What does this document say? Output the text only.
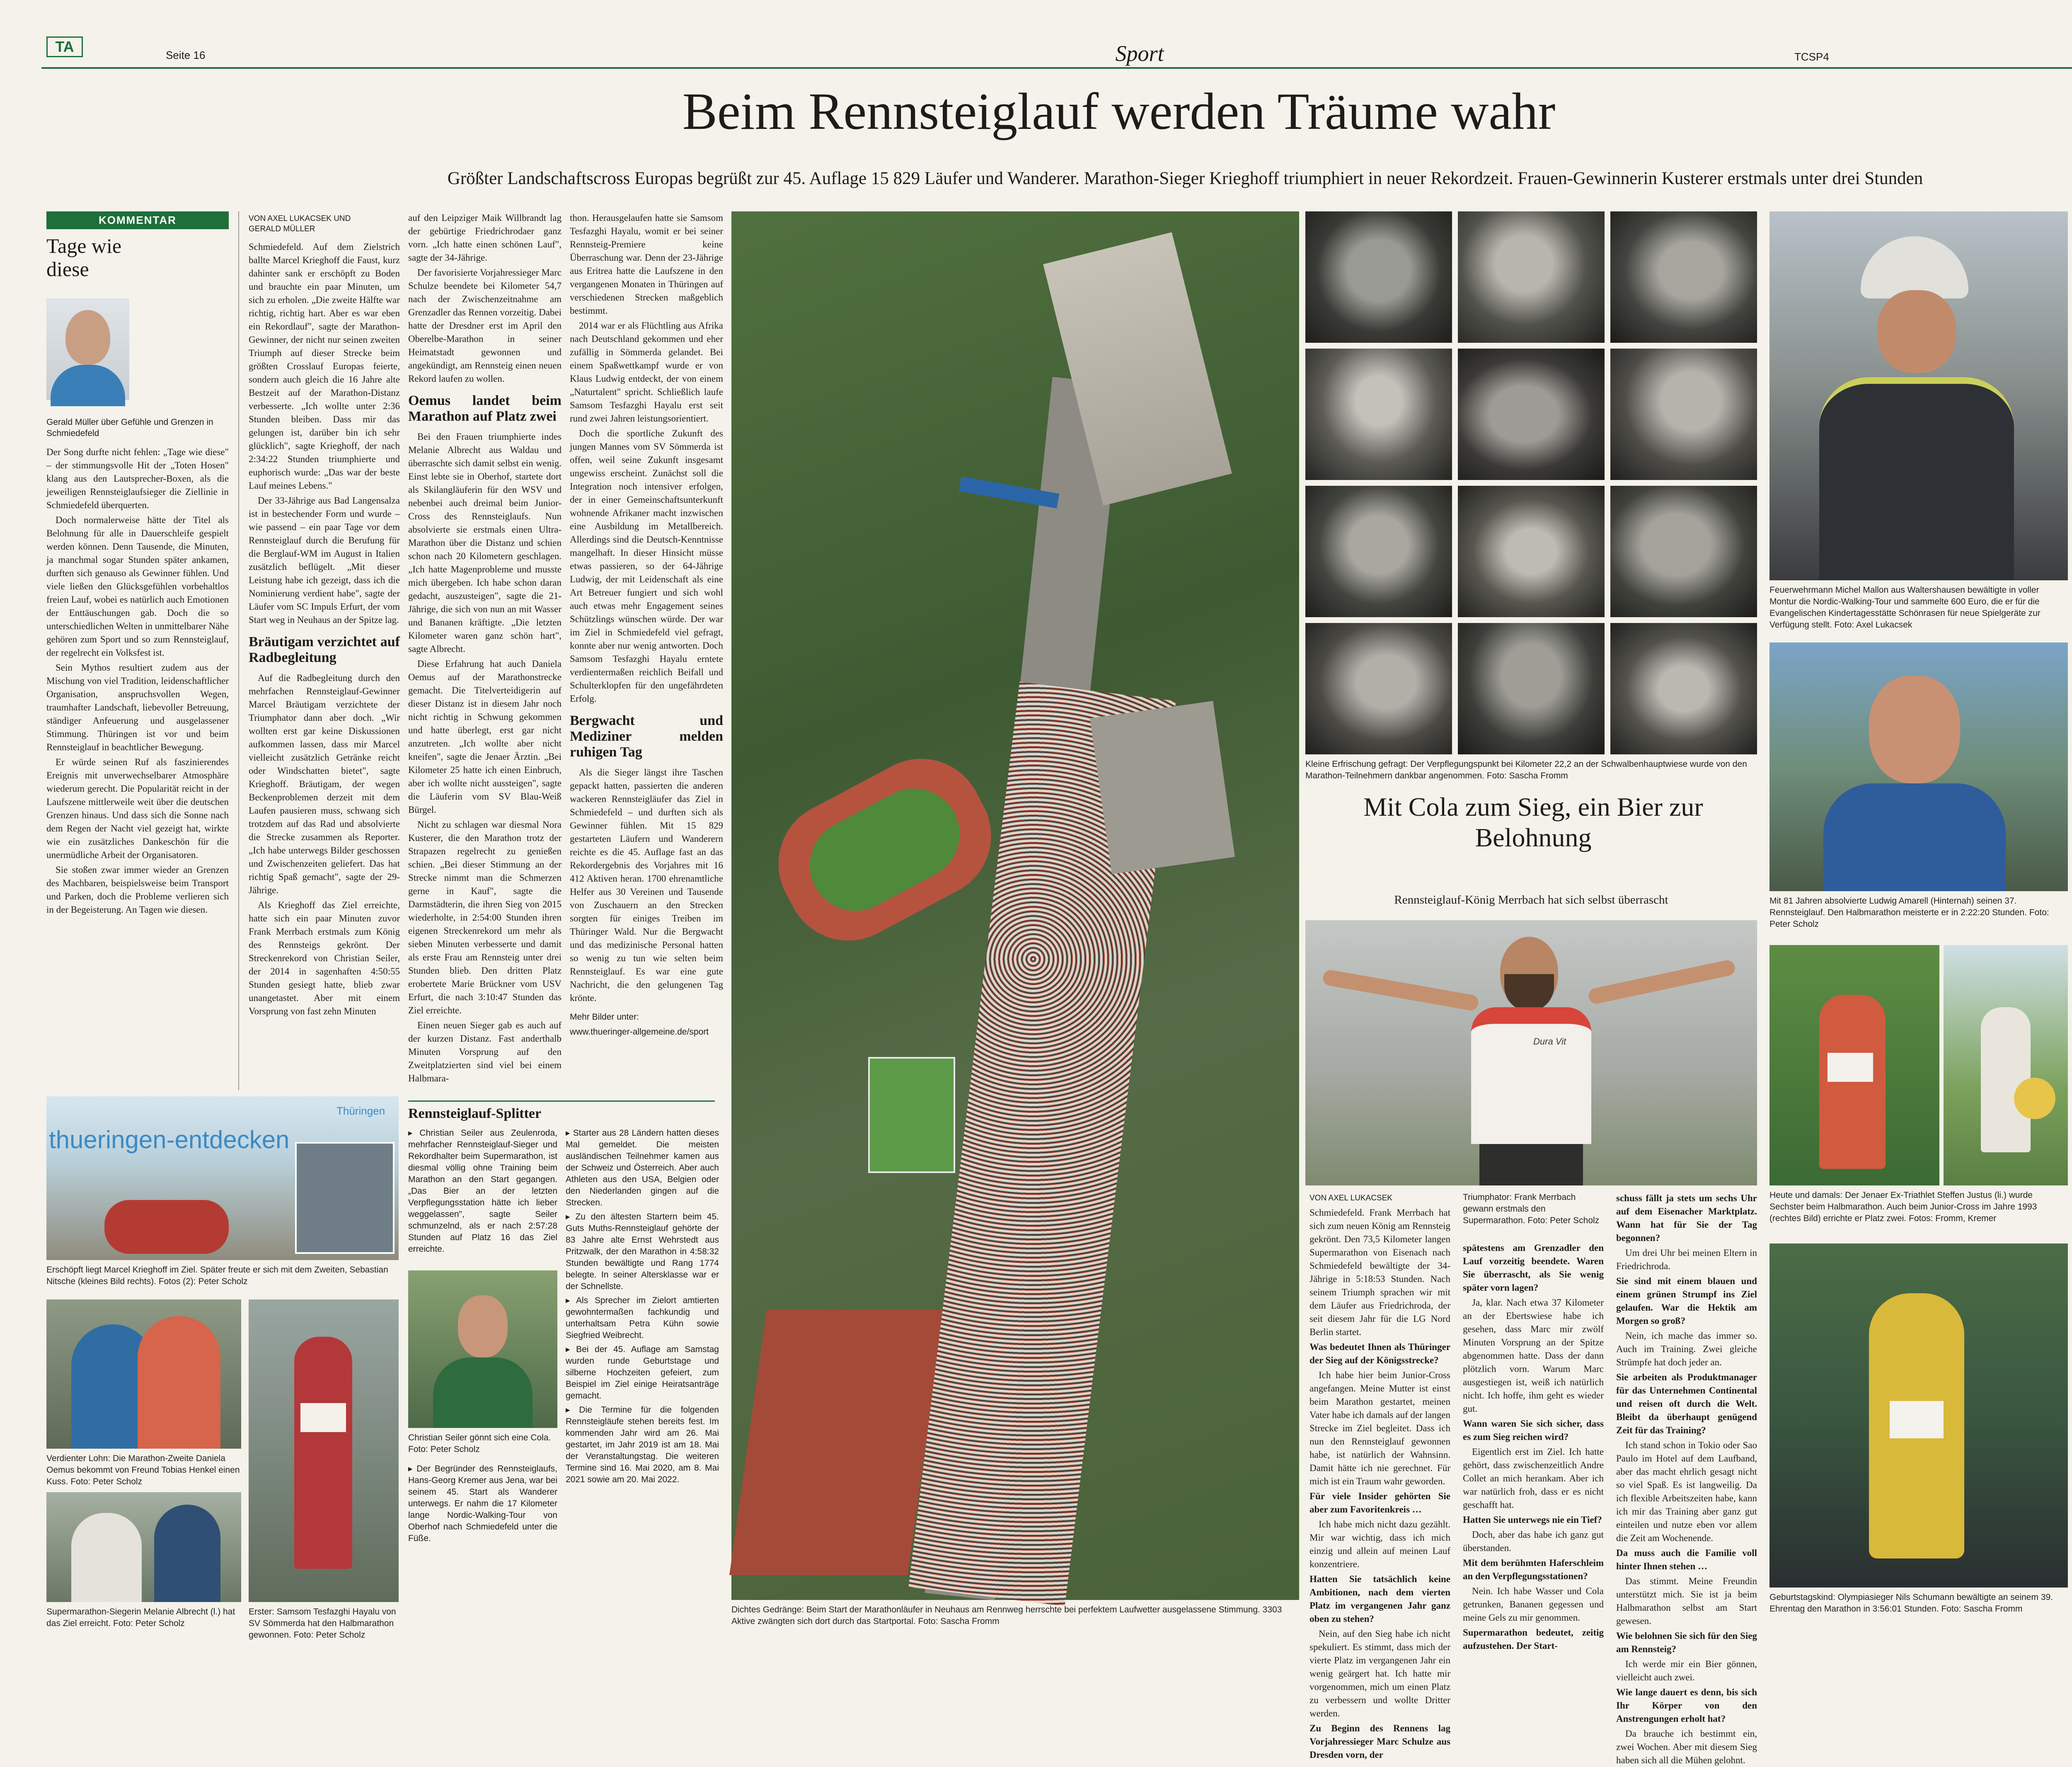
TA	Seite 16	Sport	TCSP4
Beim Rennsteiglauf werden Träume wahr
Größter Landschaftscross Europas begrüßt zur 45. Auflage 15 829 Läufer und Wanderer. Marathon-Sieger Krieghoff triumphiert in neuer Rekordzeit. Frauen-Gewinnerin Kusterer erstmals unter drei Stunden
KOMMENTAR
Tage wie diese
Gerald Müller über Gefühle und Grenzen in Schmiedefeld

Der Song durfte nicht fehlen: „Tage wie diese" – der stimmungsvolle Hit der „Toten Hosen" klang aus den Lautsprecher-Boxen, als die jeweiligen Rennsteiglaufsieger die Ziellinie in Schmiedefeld überquerten.

Doch normalerweise hätte der Titel als Belohnung für alle in Dauerschleife gespielt werden können. Denn Tausende, die Minuten, ja manchmal sogar Stunden später ankamen, durften sich genauso als Gewinner fühlen. Und viele ließen den Glücksgefühlen vorbehaltlos freien Lauf, wobei es natürlich auch Emotionen der Enttäuschungen gab. Doch die so unterschiedlichen Welten in unmittelbarer Nähe gehören zum Sport und so zum Rennsteiglauf, der regelrecht ein Volksfest ist.

Sein Mythos resultiert zudem aus der Mischung von viel Tradition, leidenschaftlicher Organisation, anspruchsvollen Wegen, traumhafter Landschaft, liebevoller Betreuung, ständiger Anfeuerung und ausgelassener Stimmung. Thüringen ist vor und beim Rennsteiglauf in beachtlicher Bewegung.

Er würde seinen Ruf als faszinierendes Ereignis mit unverwechselbarer Atmosphäre wiederum gerecht. Die Popularität reicht in der Laufszene mittlerweile weit über die deutschen Grenzen hinaus. Und dass sich die Sonne nach dem Regen der Nacht viel gezeigt hat, wirkte wie ein zusätzliches Dankeschön für die unermüdliche Arbeit der Organisatoren.

Sie stoßen zwar immer wieder an Grenzen des Machbaren, beispielsweise beim Transport und Parken, doch die Probleme verlieren sich in der Begeisterung. An Tagen wie diesen.

VON AXEL LUKACSEK UND GERALD MÜLLER

Schmiedefeld. Auf dem Zielstrich ballte Marcel Krieghoff die Faust, kurz dahinter sank er erschöpft zu Boden und brauchte ein paar Minuten, um sich zu erholen. „Die zweite Hälfte war richtig, richtig hart. Aber es war eben ein Rekordlauf", sagte der Marathon-Gewinner, der nicht nur seinen zweiten Triumph auf dieser Strecke beim größten Crosslauf Europas feierte, sondern auch gleich die 16 Jahre alte Bestzeit auf der Marathon-Distanz verbesserte. „Ich wollte unter 2:36 Stunden bleiben. Dass mir das gelungen ist, darüber bin ich sehr glücklich", sagte Krieghoff, der nach 2:34:22 Stunden triumphierte und euphorisch wurde: „Das war der beste Lauf meines Lebens."

Der 33-Jährige aus Bad Langensalza ist in bestechender Form und wurde – wie passend – ein paar Tage vor dem Rennsteiglauf durch die Berufung für die Berglauf-WM im August in Italien zusätzlich beflügelt. „Mit dieser Leistung habe ich gezeigt, dass ich die Nominierung verdient habe", sagte der Läufer vom SC Impuls Erfurt, der vom Start weg in Neuhaus an der Spitze lag.

Bräutigam verzichtet auf Radbegleitung

Auf die Radbegleitung durch den mehrfachen Rennsteiglauf-Gewinner Marcel Bräutigam verzichtete der Triumphator dann aber doch. „Wir wollten erst gar keine Diskussionen aufkommen lassen, dass mir Marcel vielleicht zusätzlich Getränke reicht oder Windschatten bietet", sagte Krieghoff. Bräutigam, der wegen Beckenproblemen derzeit mit dem Laufen pausieren muss, schwang sich trotzdem auf das Rad und absolvierte die Strecke zusammen als Reporter. „Ich habe unterwegs Bilder geschossen und Zwischenzeiten geliefert. Das hat richtig Spaß gemacht", sagte der 29-Jährige.

Als Krieghoff das Ziel erreichte, hatte sich ein paar Minuten zuvor Frank Merrbach erstmals zum König des Rennsteigs gekrönt. Der Streckenrekord von Christian Seiler, der 2014 in sagenhaften 4:50:55 Stunden gesiegt hatte, blieb zwar unangetastet. Aber mit einem Vorsprung von fast zehn Minuten

auf den Leipziger Maik Willbrandt lag der gebürtige Friedrichrodaer ganz vorn. „Ich hatte einen schönen Lauf", sagte der 34-Jährige.

Der favorisierte Vorjahressieger Marc Schulze beendete bei Kilometer 54,7 nach der Zwischenzeitnahme am Grenzadler das Rennen vorzeitig. Dabei hatte der Dresdner erst im April den Oberelbe-Marathon in seiner Heimatstadt gewonnen und angekündigt, am Rennsteig einen neuen Rekord laufen zu wollen.

Oemus landet beim Marathon auf Platz zwei

Bei den Frauen triumphierte indes Melanie Albrecht aus Waldau und überraschte sich damit selbst ein wenig. Einst lebte sie in Oberhof, startete dort als Skilangläuferin für den WSV und nebenbei auch dreimal beim Junior-Cross des Rennsteiglaufs. Nun absolvierte sie erstmals einen Ultra-Marathon über die Distanz und schien schon nach 20 Kilometern geschlagen. „Ich hatte Magenprobleme und musste mich übergeben. Ich habe schon daran gedacht, auszusteigen", sagte die 21-Jährige, die sich von nun an mit Wasser und Bananen kräftigte. „Die letzten Kilometer waren ganz schön hart", sagte Albrecht.

Diese Erfahrung hat auch Daniela Oemus auf der Marathonstrecke gemacht. Die Titelverteidigerin auf dieser Distanz ist in diesem Jahr noch nicht richtig in Schwung gekommen und hatte überlegt, erst gar nicht anzutreten. „Ich wollte aber nicht kneifen", sagte die Jenaer Ärztin. „Bei Kilometer 25 hatte ich einen Einbruch, aber ich wollte nicht aussteigen", sagte die Läuferin vom SV Blau-Weiß Bürgel.

Nicht zu schlagen war diesmal Nora Kusterer, die den Marathon trotz der Strapazen regelrecht zu genießen schien. „Bei dieser Stimmung an der Strecke nimmt man die Schmerzen gerne in Kauf", sagte die Darmstädterin, die ihren Sieg von 2015 wiederholte, in 2:54:00 Stunden ihren eigenen Streckenrekord um mehr als sieben Minuten verbesserte und damit als erste Frau am Rennsteig unter drei Stunden blieb. Den dritten Platz erobertete Marie Brückner vom USV Erfurt, die nach 3:10:47 Stunden das Ziel erreichte.

Einen neuen Sieger gab es auch auf der kurzen Distanz. Fast anderthalb Minuten Vorsprung auf den Zweitplatzierten sind viel bei einem Halbmara-

thon. Herausgelaufen hatte sie Samsom Tesfazghi Hayalu, womit er bei seiner Rennsteig-Premiere keine Überraschung war. Denn der 23-Jährige aus Eritrea hatte die Laufszene in den vergangenen Monaten in Thüringen auf verschiedenen Strecken maßgeblich bestimmt.

2014 war er als Flüchtling aus Afrika nach Deutschland gekommen und eher zufällig in Sömmerda gelandet. Bei einem Spaßwettkampf wurde er von Klaus Ludwig entdeckt, der von einem „Naturtalent" spricht. Schließlich laufe Samsom Tesfazghi Hayalu erst seit rund zwei Jahren leistungsorientiert.

Doch die sportliche Zukunft des jungen Mannes vom SV Sömmerda ist offen, weil seine Zukunft insgesamt ungewiss erscheint. Zunächst soll die Integration noch intensiver erfolgen, der in einer Gemeinschaftsunterkunft wohnende Afrikaner macht inzwischen eine Ausbildung im Metallbereich. Allerdings sind die Deutsch-Kenntnisse mangelhaft. In dieser Hinsicht müsse etwas passieren, so der 64-Jährige Ludwig, der mit Leidenschaft als eine Art Betreuer fungiert und sich wohl auch etwas mehr Engagement seines Schützlings wünschen würde. Der war im Ziel in Schmiedefeld viel gefragt, konnte aber nur wenig antworten. Doch Samsom Tesfazghi Hayalu erntete verdientermaßen reichlich Beifall und Schulterklopfen für den ungefährdeten Erfolg.

Bergwacht und Mediziner melden ruhigen Tag

Als die Sieger längst ihre Taschen gepackt hatten, passierten die anderen wackeren Rennsteigläufer das Ziel in Schmiedefeld – und durften sich als Gewinner fühlen. Mit 15 829 gestarteten Läufern und Wanderern reichte es die 45. Auflage fast an das Rekordergebnis des Vorjahres mit 16 412 Aktiven heran. 1700 ehrenamtliche Helfer aus 30 Vereinen und Tausende von Zuschauern an den Strecken sorgten für einiges Treiben im Thüringer Wald. Nur die Bergwacht und das medizinische Personal hatten so wenig zu tun wie selten beim Rennsteiglauf. Es war eine gute Nachricht, die den gelungenen Tag krönte.

Mehr Bilder unter:

www.thueringer-allgemeine.de/sport

Dichtes Gedränge: Beim Start der Marathonläufer in Neuhaus am Rennweg herrschte bei perfektem Laufwetter ausgelassene Stimmung. 3303 Aktive zwängten sich dort durch das Startportal. Foto: Sascha Fromm
Kleine Erfrischung gefragt: Der Verpflegungspunkt bei Kilometer 22,2 an der Schwalbenhauptwiese wurde von den Marathon-Teilnehmern dankbar angenommen. Foto: Sascha Fromm
Mit Cola zum Sieg, ein Bier zur Belohnung
Rennsteiglauf-König Merrbach hat sich selbst überrascht
Dura Vit
Triumphator: Frank Merrbach gewann erstmals den Supermarathon. Foto: Peter Scholz
VON AXEL LUKACSEK

Schmiedefeld. Frank Merrbach hat sich zum neuen König am Rennsteig gekrönt. Den 73,5 Kilometer langen Supermarathon von Eisenach nach Schmiedefeld bewältigte der 34-Jährige in 5:18:53 Stunden. Nach seinem Triumph sprachen wir mit dem Läufer aus Friedrichroda, der seit diesem Jahr für die LG Nord Berlin startet.

Was bedeutet Ihnen als Thüringer der Sieg auf der Königsstrecke?

Ich habe hier beim Junior-Cross angefangen. Meine Mutter ist einst beim Marathon gestartet, meinen Vater habe ich damals auf der langen Strecke im Ziel begleitet. Dass ich nun den Rennsteiglauf gewonnen habe, ist natürlich der Wahnsinn. Damit hätte ich nie gerechnet. Für mich ist ein Traum wahr geworden.

Für viele Insider gehörten Sie aber zum Favoritenkreis …

Ich habe mich nicht dazu gezählt. Mir war wichtig, dass ich mich einzig und allein auf meinen Lauf konzentriere.

Hatten Sie tatsächlich keine Ambitionen, nach dem vierten Platz im vergangenen Jahr ganz oben zu stehen?

Nein, auf den Sieg habe ich nicht spekuliert. Es stimmt, dass mich der vierte Platz im vergangenen Jahr ein wenig geärgert hat. Ich hatte mir vorgenommen, mich um einen Platz zu verbessern und wollte Dritter werden.

Zu Beginn des Rennens lag Vorjahressieger Marc Schulze aus Dresden vorn, der

spätestens am Grenzadler den Lauf vorzeitig beendete. Waren Sie überrascht, als Sie wenig später vorn lagen?

Ja, klar. Nach etwa 37 Kilometer an der Ebertswiese habe ich gesehen, dass Marc mir zwölf Minuten Vorsprung an der Spitze abgenommen hatte. Dass der dann plötzlich vorn. Warum Marc ausgestiegen ist, weiß ich natürlich nicht. Ich hoffe, ihm geht es wieder gut.

Wann waren Sie sich sicher, dass es zum Sieg reichen wird?

Eigentlich erst im Ziel. Ich hatte gehört, dass zwischenzeitlich Andre Collet an mich herankam. Aber ich war natürlich froh, dass er es nicht geschafft hat.

Hatten Sie unterwegs nie ein Tief?

Doch, aber das habe ich ganz gut überstanden.

Mit dem berühmten Haferschleim an den Verpflegungsstationen?

Nein. Ich habe Wasser und Cola getrunken, Bananen gegessen und meine Gels zu mir genommen.

Supermarathon bedeutet, zeitig aufzustehen. Der Start-

schuss fällt ja stets um sechs Uhr auf dem Eisenacher Marktplatz. Wann hat für Sie der Tag begonnen?

Um drei Uhr bei meinen Eltern in Friedrichroda.

Sie sind mit einem blauen und einem grünen Strumpf ins Ziel gelaufen. War die Hektik am Morgen so groß?

Nein, ich mache das immer so. Auch im Training. Zwei gleiche Strümpfe hat doch jeder an.

Sie arbeiten als Produktmanager für das Unternehmen Continental und reisen oft durch die Welt. Bleibt da überhaupt genügend Zeit für das Training?

Ich stand schon in Tokio oder Sao Paulo im Hotel auf dem Laufband, aber das macht ehrlich gesagt nicht so viel Spaß. Es ist langweilig. Da ich flexible Arbeitszeiten habe, kann ich mir das Training aber ganz gut einteilen und nutze eben vor allem die Zeit am Wochenende.

Da muss auch die Familie voll hinter Ihnen stehen …

Das stimmt. Meine Freundin unterstützt mich. Sie ist ja beim Halbmarathon selbst am Start gewesen.

Wie belohnen Sie sich für den Sieg am Rennsteig?

Ich werde mir ein Bier gönnen, vielleicht auch zwei.

Wie lange dauert es denn, bis sich Ihr Körper von den Anstrengungen erholt hat?

Da brauche ich bestimmt ein, zwei Wochen. Aber mit diesem Sieg haben sich all die Mühen gelohnt.

Feuerwehrmann Michel Mallon aus Waltershausen bewältigte in voller Montur die Nordic-Walking-Tour und sammelte 600 Euro, die er für die Evangelischen Kindertagesstätte Schönrasen für neue Spielgeräte zur Verfügung stellt. Foto: Axel Lukacsek
Mit 81 Jahren absolvierte Ludwig Amarell (Hinternah) seinen 37. Rennsteiglauf. Den Halbmarathon meisterte er in 2:22:20 Stunden. Foto: Peter Scholz
Heute und damals: Der Jenaer Ex-Triathlet Steffen Justus (li.) wurde Sechster beim Halbmarathon. Auch beim Junior-Cross im Jahre 1993 (rechtes Bild) errichte er Platz zwei. Fotos: Fromm, Kremer
Geburtstagskind: Olympiasieger Nils Schumann bewältigte an seinem 39. Ehrentag den Marathon in 3:56:01 Stunden. Foto: Sascha Fromm

thueringen-entdecken
Thüringen
Erschöpft liegt Marcel Krieghoff im Ziel. Später freute er sich mit dem Zweiten, Sebastian Nitsche (kleines Bild rechts). Fotos (2): Peter Scholz
Verdienter Lohn: Die Marathon-Zweite Daniela Oemus bekommt von Freund Tobias Henkel einen Kuss. Foto: Peter Scholz
Supermarathon-Siegerin Melanie Albrecht (l.) hat das Ziel erreicht. Foto: Peter Scholz
Erster: Samsom Tesfazghi Hayalu von SV Sömmerda hat den Halbmarathon gewonnen. Foto: Peter Scholz
Rennsteiglauf-Splitter

▸ Christian Seiler aus Zeulenroda, mehrfacher Rennsteiglauf-Sieger und Rekordhalter beim Supermarathon, ist diesmal völlig ohne Training beim Marathon an den Start gegangen. „Das Bier an der letzten Verpflegungsstation hätte ich lieber weggelassen", sagte Seiler schmunzelnd, als er nach 2:57:28 Stunden auf Platz 16 das Ziel erreichte.

Christian Seiler gönnt sich eine Cola. Foto: Peter Scholz

▸ Der Begründer des Rennsteiglaufs, Hans-Georg Kremer aus Jena, war bei seinem 45. Start als Wanderer unterwegs. Er nahm die 17 Kilometer lange Nordic-Walking-Tour von Oberhof nach Schmiedefeld unter die Füße.

▸ Starter aus 28 Ländern hatten dieses Mal gemeldet. Die meisten ausländischen Teilnehmer kamen aus der Schweiz und Österreich. Aber auch Athleten aus den USA, Belgien oder den Niederlanden gingen auf die Strecken.

▸ Zu den ältesten Startern beim 45. Guts Muths-Rennsteiglauf gehörte der 83 Jahre alte Ernst Wehrstedt aus Pritzwalk, der den Marathon in 4:58:32 Stunden bewältigte und Rang 1774 belegte. In seiner Altersklasse war er der Schnellste.

▸ Als Sprecher im Zielort amtierten gewohntermaßen fachkundig und unterhaltsam Petra Kühn sowie Siegfried Weibrecht.

▸ Bei der 45. Auflage am Samstag wurden runde Geburtstage und silberne Hochzeiten gefeiert, zum Beispiel im Ziel einige Heiratsanträge gemacht.

▸ Die Termine für die folgenden Rennsteigläufe stehen bereits fest. Im kommenden Jahr wird am 26. Mai gestartet, im Jahr 2019 ist am 18. Mai der Veranstaltungstag. Die weiteren Termine sind 16. Mai 2020, am 8. Mai 2021 sowie am 20. Mai 2022.
